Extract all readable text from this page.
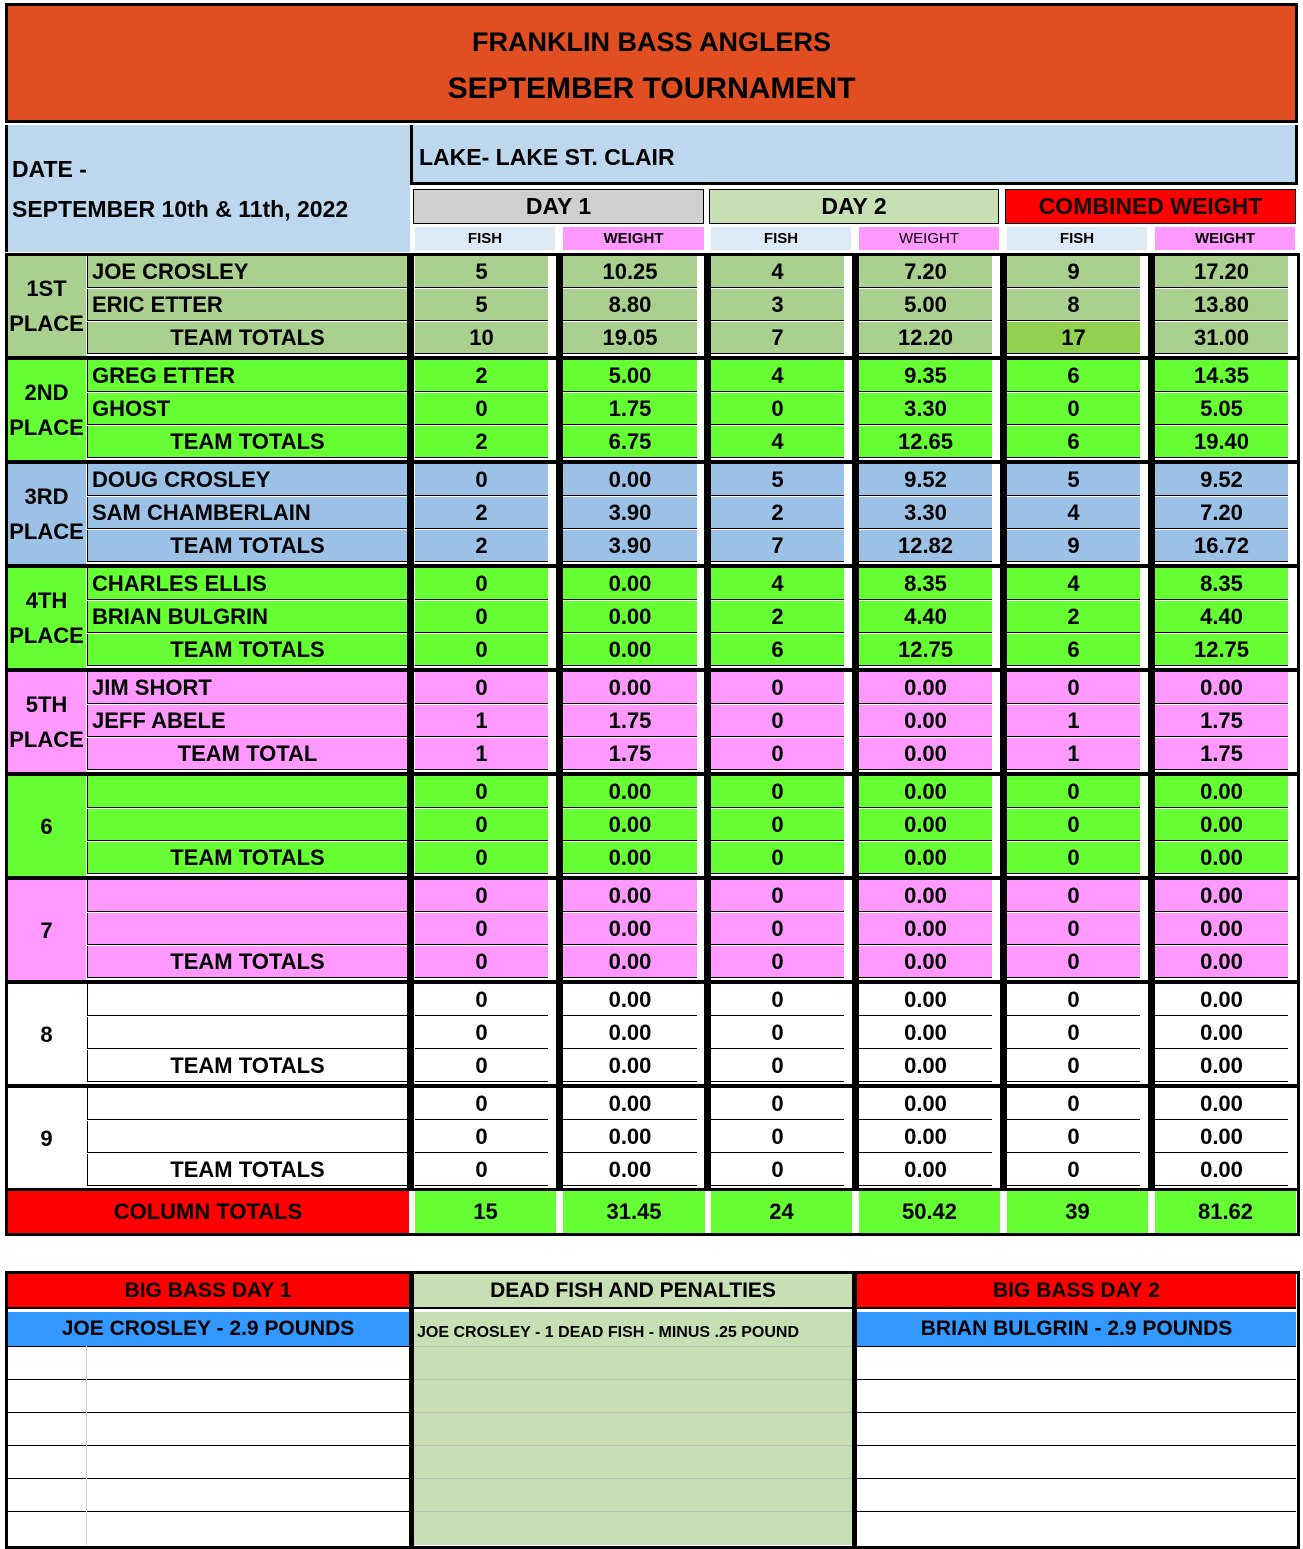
FRANKLIN BASS ANGLERS
SEPTEMBER TOURNAMENT
DATE -
SEPTEMBER 10th & 11th, 2022
LAKE- LAKE ST. CLAIR
DAY 1	DAY 2	COMBINED WEIGHT
FISH	WEIGHT	FISH	WEIGHT	FISH	WEIGHT
1ST
PLACE
JOE CROSLEY	5	10.25	4	7.20	9	17.20
ERIC ETTER	5	8.80	3	5.00	8	13.80
TEAM TOTALS	10	19.05	7	12.20	17	31.00
2ND
PLACE
GREG ETTER	2	5.00	4	9.35	6	14.35
GHOST	0	1.75	0	3.30	0	5.05
TEAM TOTALS	2	6.75	4	12.65	6	19.40
3RD
PLACE
DOUG CROSLEY	0	0.00	5	9.52	5	9.52
SAM CHAMBERLAIN	2	3.90	2	3.30	4	7.20
TEAM TOTALS	2	3.90	7	12.82	9	16.72
4TH
PLACE
CHARLES ELLIS	0	0.00	4	8.35	4	8.35
BRIAN BULGRIN	0	0.00	2	4.40	2	4.40
TEAM TOTALS	0	0.00	6	12.75	6	12.75
5TH
PLACE
JIM SHORT	0	0.00	0	0.00	0	0.00
JEFF ABELE	1	1.75	0	0.00	1	1.75
TEAM TOTAL	1	1.75	0	0.00	1	1.75
6
0	0.00	0	0.00	0	0.00
0	0.00	0	0.00	0	0.00
TEAM TOTALS	0	0.00	0	0.00	0	0.00
7
0	0.00	0	0.00	0	0.00
0	0.00	0	0.00	0	0.00
TEAM TOTALS	0	0.00	0	0.00	0	0.00
8
0	0.00	0	0.00	0	0.00
0	0.00	0	0.00	0	0.00
TEAM TOTALS	0	0.00	0	0.00	0	0.00
9
0	0.00	0	0.00	0	0.00
0	0.00	0	0.00	0	0.00
TEAM TOTALS	0	0.00	0	0.00	0	0.00
COLUMN TOTALS	15	31.45	24	50.42	39	81.62
BIG BASS DAY 1
JOE CROSLEY - 2.9 POUNDS
DEAD FISH AND PENALTIES
JOE CROSLEY - 1 DEAD FISH - MINUS .25 POUND
BIG BASS DAY 2
BRIAN BULGRIN - 2.9 POUNDS
